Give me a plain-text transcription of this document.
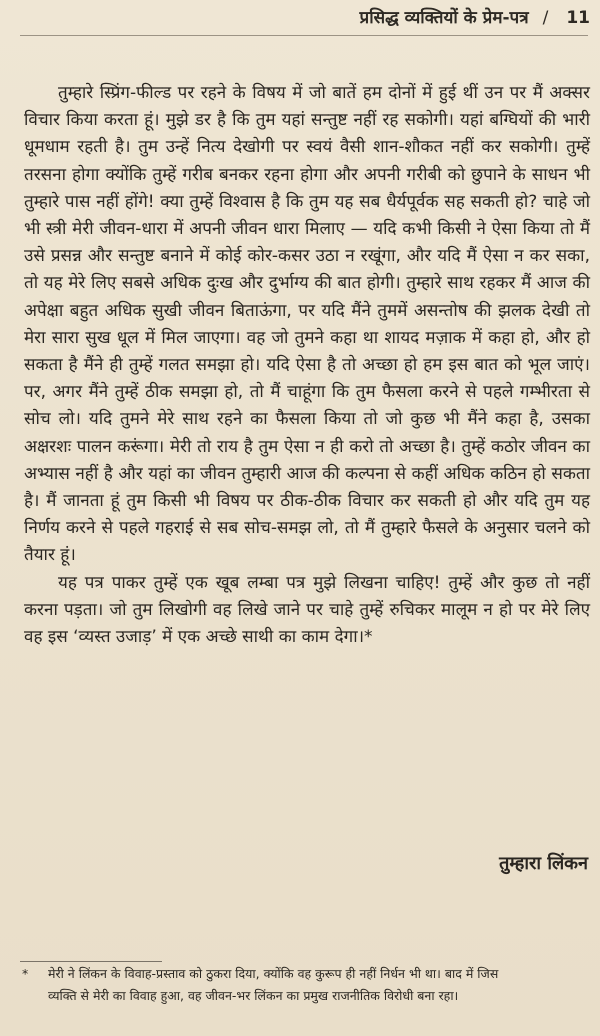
प्रसिद्ध व्यक्तियों के प्रेम-पत्र / 11

तुम्हारे स्प्रिंग-फील्ड पर रहने के विषय में जो बातें हम दोनों में हुई थीं उन पर मैं अक्सर विचार किया करता हूं। मुझे डर है कि तुम यहां सन्तुष्ट नहीं रह सकोगी। यहां बग्घियों की भारी धूमधाम रहती है। तुम उन्हें नित्य देखोगी पर स्वयं वैसी शान-शौकत नहीं कर सकोगी। तुम्हें तरसना होगा क्योंकि तुम्हें गरीब बनकर रहना होगा और अपनी गरीबी को छुपाने के साधन भी तुम्हारे पास नहीं होंगे! क्या तुम्हें विश्वास है कि तुम यह सब धैर्यपूर्वक सह सकती हो? चाहे जो भी स्त्री मेरी जीवन-धारा में अपनी जीवन धारा मिलाए — यदि कभी किसी ने ऐसा किया तो मैं उसे प्रसन्न और सन्तुष्ट बनाने में कोई कोर-कसर उठा न रखूंगा, और यदि मैं ऐसा न कर सका, तो यह मेरे लिए सबसे अधिक दुःख और दुर्भाग्य की बात होगी। तुम्हारे साथ रहकर मैं आज की अपेक्षा बहुत अधिक सुखी जीवन बिताऊंगा, पर यदि मैंने तुममें असन्तोष की झलक देखी तो मेरा सारा सुख धूल में मिल जाएगा। वह जो तुमने कहा था शायद मज़ाक में कहा हो, और हो सकता है मैंने ही तुम्हें गलत समझा हो। यदि ऐसा है तो अच्छा हो हम इस बात को भूल जाएं। पर, अगर मैंने तुम्हें ठीक समझा हो, तो मैं चाहूंगा कि तुम फैसला करने से पहले गम्भीरता से सोच लो। यदि तुमने मेरे साथ रहने का फैसला किया तो जो कुछ भी मैंने कहा है, उसका अक्षरशः पालन करूंगा। मेरी तो राय है तुम ऐसा न ही करो तो अच्छा है। तुम्हें कठोर जीवन का अभ्यास नहीं है और यहां का जीवन तुम्हारी आज की कल्पना से कहीं अधिक कठिन हो सकता है। मैं जानता हूं तुम किसी भी विषय पर ठीक-ठीक विचार कर सकती हो और यदि तुम यह निर्णय करने से पहले गहराई से सब सोच-समझ लो, तो मैं तुम्हारे फैसले के अनुसार चलने को तैयार हूं।

यह पत्र पाकर तुम्हें एक खूब लम्बा पत्र मुझे लिखना चाहिए! तुम्हें और कुछ तो नहीं करना पड़ता। जो तुम लिखोगी वह लिखे जाने पर चाहे तुम्हें रुचिकर मालूम न हो पर मेरे लिए वह इस ‘व्यस्त उजाड़’ में एक अच्छे साथी का काम देगा।*

तुम्हारा लिंकन
* मेरी ने लिंकन के विवाह-प्रस्ताव को ठुकरा दिया, क्योंकि वह कुरूप ही नहीं निर्धन भी था। बाद में जिस
व्यक्ति से मेरी का विवाह हुआ, वह जीवन-भर लिंकन का प्रमुख राजनीतिक विरोधी बना रहा।
